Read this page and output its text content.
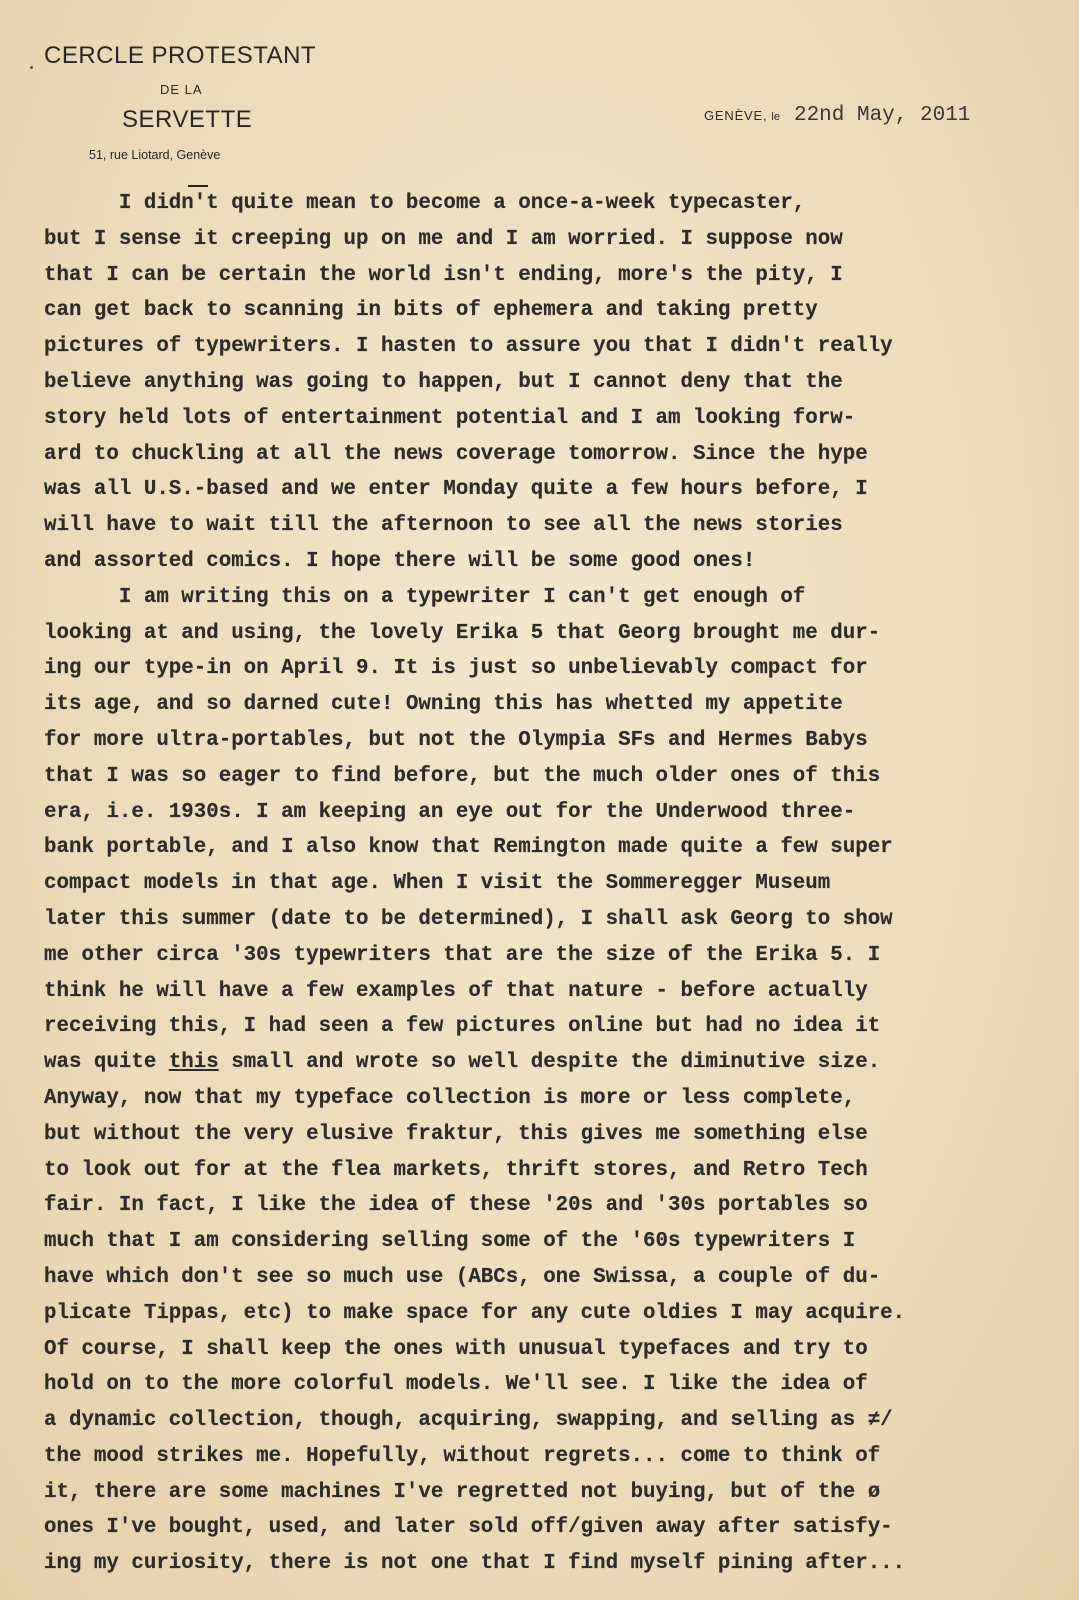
CERCLE PROTESTANT
DE LA
SERVETTE
51, rue Liotard, Genève
GENÈVE, le 22nd May, 2011
I didn't quite mean to become a once-a-week typecaster,
but I sense it creeping up on me and I am worried. I suppose now
that I can be certain the world isn't ending, more's the pity, I
can get back to scanning in bits of ephemera and taking pretty
pictures of typewriters. I hasten to assure you that I didn't really
believe anything was going to happen, but I cannot deny that the
story held lots of entertainment potential and I am looking forw-
ard to chuckling at all the news coverage tomorrow. Since the hype
was all U.S.-based and we enter Monday quite a few hours before, I
will have to wait till the afternoon to see all the news stories
and assorted comics. I hope there will be some good ones!
I am writing this on a typewriter I can't get enough of
looking at and using, the lovely Erika 5 that Georg brought me dur-
ing our type-in on April 9. It is just so unbelievably compact for
its age, and so darned cute! Owning this has whetted my appetite
for more ultra-portables, but not the Olympia SFs and Hermes Babys
that I was so eager to find before, but the much older ones of this
era, i.e. 1930s. I am keeping an eye out for the Underwood three-
bank portable, and I also know that Remington made quite a few super
compact models in that age. When I visit the Sommeregger Museum
later this summer (date to be determined), I shall ask Georg to show
me other circa '30s typewriters that are the size of the Erika 5. I
think he will have a few examples of that nature - before actually
receiving this, I had seen a few pictures online but had no idea it
was quite this small and wrote so well despite the diminutive size.
Anyway, now that my typeface collection is more or less complete,
but without the very elusive fraktur, this gives me something else
to look out for at the flea markets, thrift stores, and Retro Tech
fair. In fact, I like the idea of these '20s and '30s portables so
much that I am considering selling some of the '60s typewriters I
have which don't see so much use (ABCs, one Swissa, a couple of du-
plicate Tippas, etc) to make space for any cute oldies I may acquire.
Of course, I shall keep the ones with unusual typefaces and try to
hold on to the more colorful models. We'll see. I like the idea of
a dynamic collection, though, acquiring, swapping, and selling as ≠/
the mood strikes me. Hopefully, without regrets... come to think of
it, there are some machines I've regretted not buying, but of the ø
ones I've bought, used, and later sold off/given away after satisfy-
ing my curiosity, there is not one that I find myself pining after...
